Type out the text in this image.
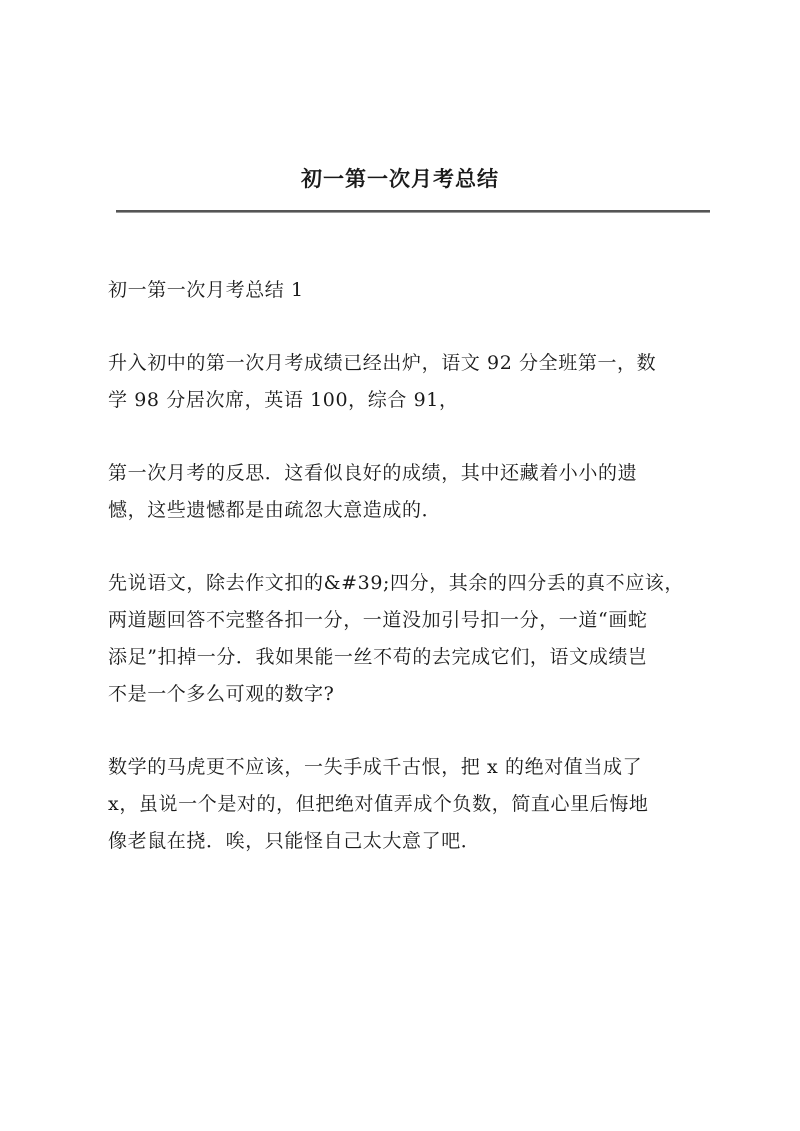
初一第一次月考总结

初一第一次月考总结 1

升入初中的第一次月考成绩已经出炉，语文 92 分全班第一，数
学 98 分居次席，英语 100，综合 91，

第一次月考的反思．这看似良好的成绩，其中还藏着小小的遗
憾，这些遗憾都是由疏忽大意造成的．

先说语文，除去作文扣的&#39;四分，其余的四分丢的真不应该，
两道题回答不完整各扣一分，一道没加引号扣一分，一道“画蛇
添足”扣掉一分．我如果能一丝不苟的去完成它们，语文成绩岂
不是一个多么可观的数字?

数学的马虎更不应该，一失手成千古恨，把 x 的绝对值当成了
x，虽说一个是对的，但把绝对值弄成个负数，简直心里后悔地
像老鼠在挠．唉，只能怪自己太大意了吧．
